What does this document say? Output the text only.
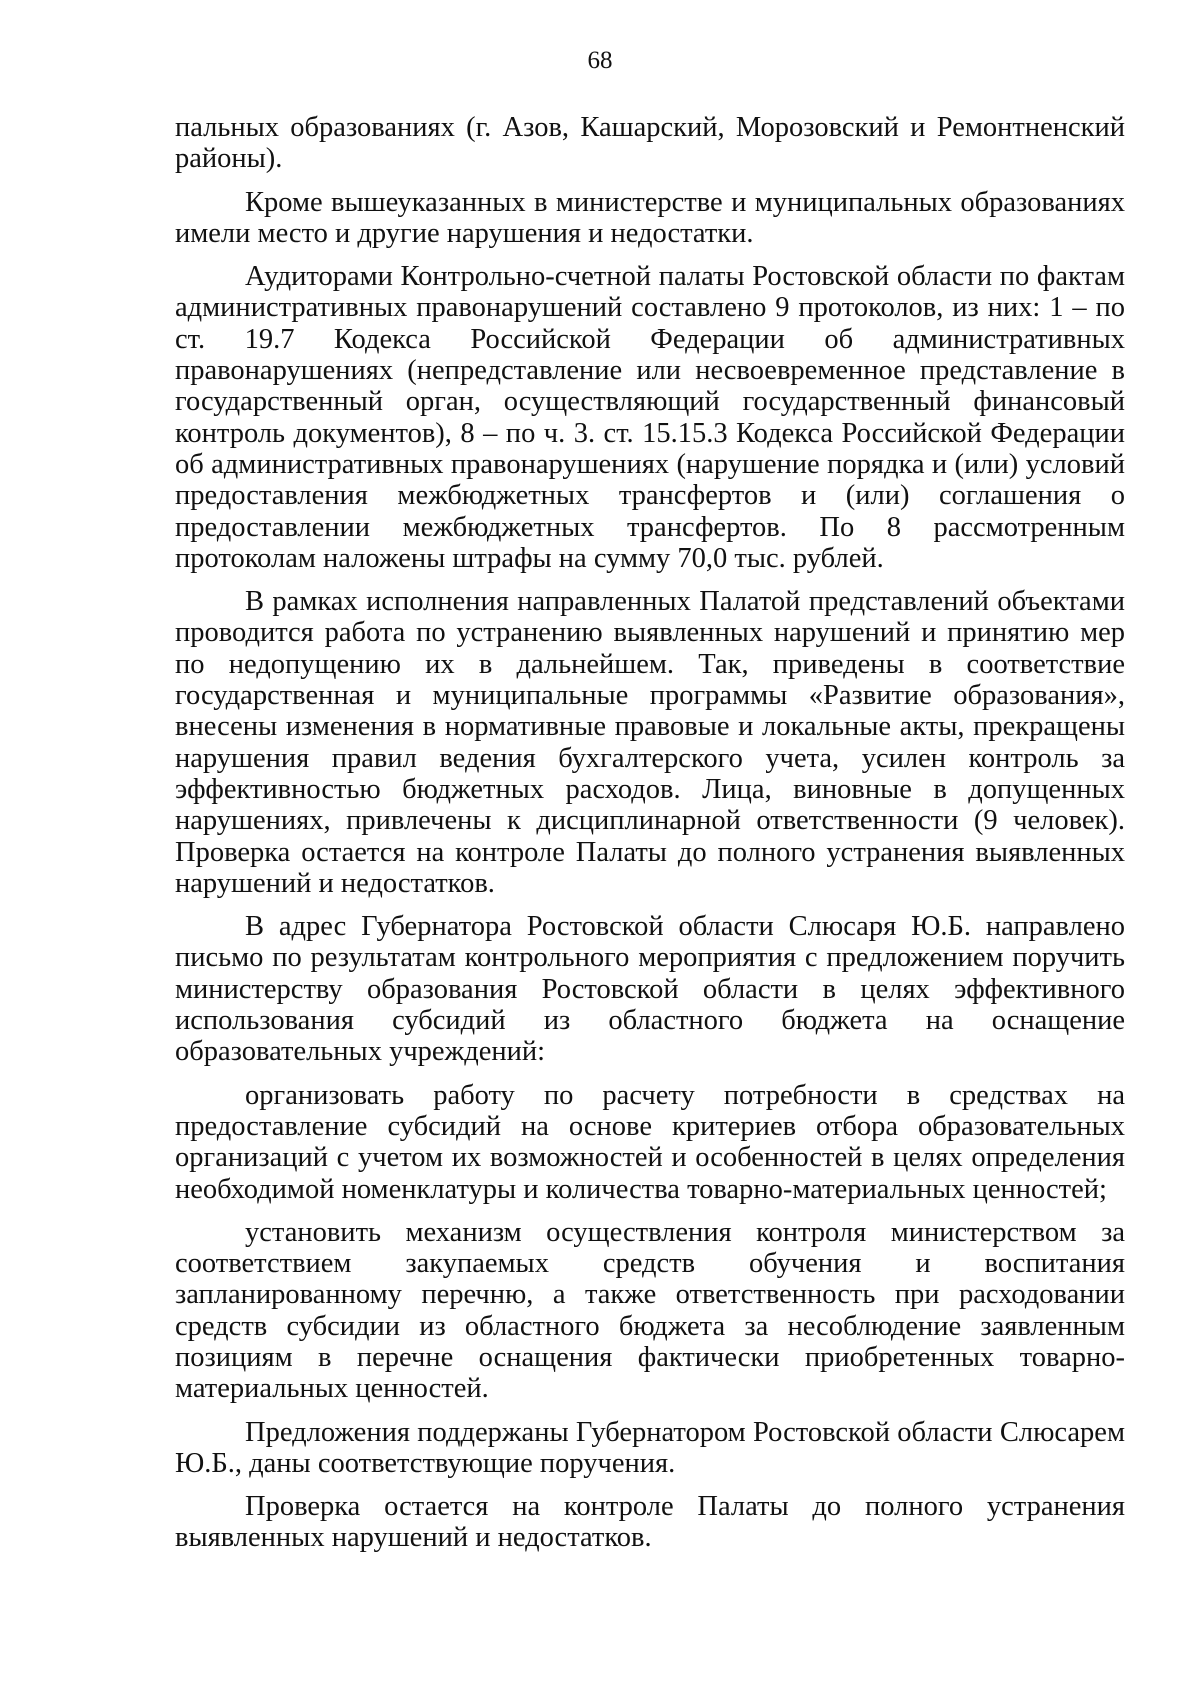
68

пальных образованиях (г. Азов, Кашарский, Морозовский и Ремонтненский районы).

Кроме вышеуказанных в министерстве и муниципальных образованиях имели место и другие нарушения и недостатки.

Аудиторами Контрольно-счетной палаты Ростовской области по фактам административных правонарушений составлено 9 протоколов, из них: 1 – по ст. 19.7 Кодекса Российской Федерации об административных правонарушениях (непредставление или несвоевременное представление в государственный орган, осуществляющий государственный финансовый контроль документов), 8 – по ч. 3. ст. 15.15.3 Кодекса Российской Федерации об административных правонарушениях (нарушение порядка и (или) условий предоставления межбюджетных трансфертов и (или) соглашения о предоставлении межбюджетных трансфертов. По 8 рассмотренным протоколам наложены штрафы на сумму 70,0 тыс. рублей.

В рамках исполнения направленных Палатой представлений объектами проводится работа по устранению выявленных нарушений и принятию мер по недопущению их в дальнейшем. Так, приведены в соответствие государственная и муниципальные программы «Развитие образования», внесены изменения в нормативные правовые и локальные акты, прекращены нарушения правил ведения бухгалтерского учета, усилен контроль за эффективностью бюджетных расходов. Лица, виновные в допущенных нарушениях, привлечены к дисциплинарной ответственности (9 человек). Проверка остается на контроле Палаты до полного устранения выявленных нарушений и недостатков.

В адрес Губернатора Ростовской области Слюсаря Ю.Б. направлено письмо по результатам контрольного мероприятия с предложением поручить министерству образования Ростовской области в целях эффективного использования субсидий из областного бюджета на оснащение образовательных учреждений:

организовать работу по расчету потребности в средствах на предоставление субсидий на основе критериев отбора образовательных организаций с учетом их возможностей и особенностей в целях определения необходимой номенклатуры и количества товарно-материальных ценностей;

установить механизм осуществления контроля министерством за соответствием закупаемых средств обучения и воспитания запланированному перечню, а также ответственность при расходовании средств субсидии из областного бюджета за несоблюдение заявленным позициям в перечне оснащения фактически приобретенных товарно-материальных ценностей.

Предложения поддержаны Губернатором Ростовской области Слюсарем Ю.Б., даны соответствующие поручения.

Проверка остается на контроле Палаты до полного устранения выявленных нарушений и недостатков.
